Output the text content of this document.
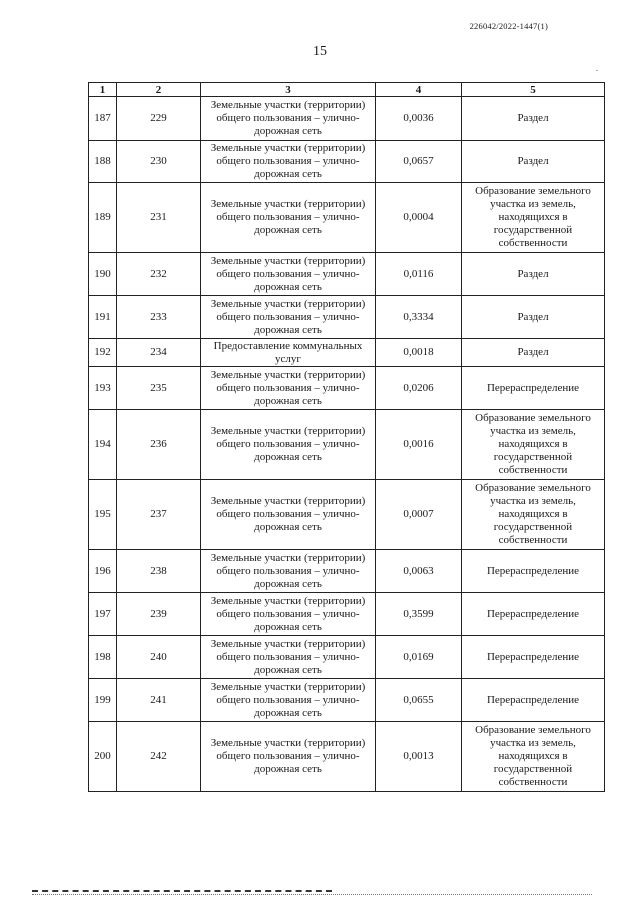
226042/2022-1447(1)
15
.
1	2	3	4	5
187	229	Земельные участки (территории) общего пользования – улично-дорожная сеть	0,0036	Раздел
188	230	Земельные участки (территории) общего пользования – улично-дорожная сеть	0,0657	Раздел
189	231	Земельные участки (территории) общего пользования – улично-дорожная сеть	0,0004	Образование земельного участка из земель, находящихся в государственной собственности
190	232	Земельные участки (территории) общего пользования – улично-дорожная сеть	0,0116	Раздел
191	233	Земельные участки (территории) общего пользования – улично-дорожная сеть	0,3334	Раздел
192	234	Предоставление коммунальных услуг	0,0018	Раздел
193	235	Земельные участки (территории) общего пользования – улично-дорожная сеть	0,0206	Перераспределение
194	236	Земельные участки (территории) общего пользования – улично-дорожная сеть	0,0016	Образование земельного участка из земель, находящихся в государственной собственности
195	237	Земельные участки (территории) общего пользования – улично-дорожная сеть	0,0007	Образование земельного участка из земель, находящихся в государственной собственности
196	238	Земельные участки (территории) общего пользования – улично-дорожная сеть	0,0063	Перераспределение
197	239	Земельные участки (территории) общего пользования – улично-дорожная сеть	0,3599	Перераспределение
198	240	Земельные участки (территории) общего пользования – улично-дорожная сеть	0,0169	Перераспределение
199	241	Земельные участки (территории) общего пользования – улично-дорожная сеть	0,0655	Перераспределение
200	242	Земельные участки (территории) общего пользования – улично-дорожная сеть	0,0013	Образование земельного участка из земель, находящихся в государственной собственности
